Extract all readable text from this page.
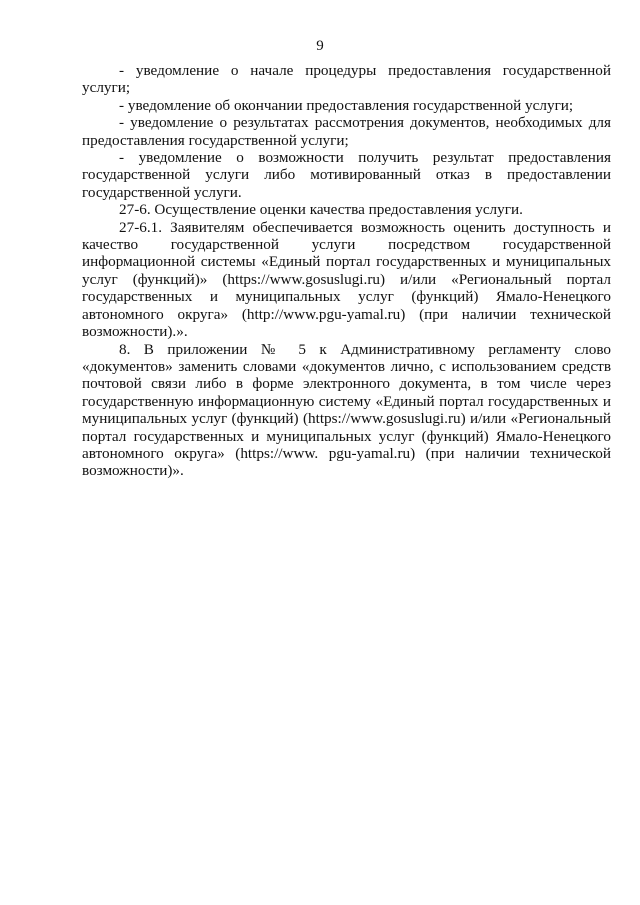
9

- уведомление о начале процедуры предоставления государственной услуги;

- уведомление об окончании предоставления государственной услуги;

- уведомление о результатах рассмотрения документов, необходимых для предоставления государственной услуги;

- уведомление о возможности получить результат предоставления государственной услуги либо мотивированный отказ в предоставлении государственной услуги.

27-6. Осуществление оценки качества предоставления услуги.

27-6.1. Заявителям обеспечивается возможность оценить доступность и качество государственной услуги посредством государственной информационной системы «Единый портал государственных и муниципальных услуг (функций)» (https://www.gosuslugi.ru) и/или «Региональный портал государственных и муниципальных услуг (функций) Ямало-Ненецкого автономного округа» (http://www.pgu-yamal.ru) (при наличии технической возможности).».

8. В приложении № 5 к Административному регламенту слово «документов» заменить словами «документов лично, с использованием средств почтовой связи либо в форме электронного документа, в том числе через государственную информационную систему «Единый портал государственных и муниципальных услуг (функций) (https://www.gosuslugi.ru) и/или «Региональный портал государственных и муниципальных услуг (функций) Ямало-Ненецкого автономного округа» (https://www. pgu-yamal.ru) (при наличии технической возможности)».
